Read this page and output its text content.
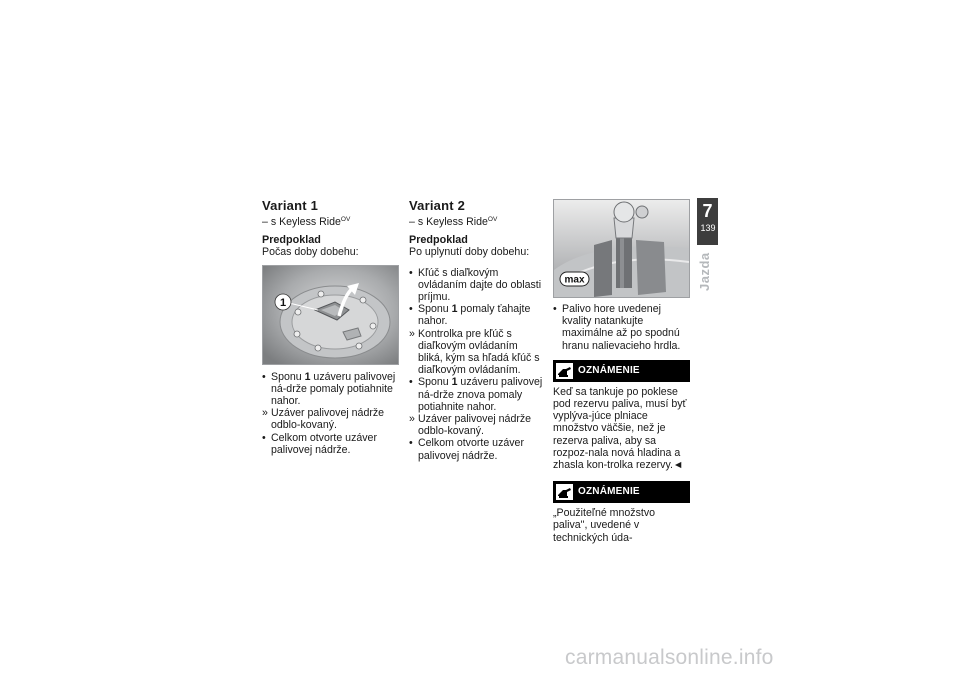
Variant 1

– s Keyless Ride$^{OV}$

Predpoklad

Počas doby dobehu:

1
• Sponu 1 uzáveru palivovej ná-drže pomaly potiahnite nahor.
» Uzáver palivovej nádrže odblo-kovaný.
• Celkom otvorte uzáver palivovej nádrže.
Variant 2

– s Keyless Ride$^{OV}$

Predpoklad

Po uplynutí doby dobehu:

• Kľúč s diaľkovým ovládaním dajte do oblasti príjmu.
• Sponu 1 pomaly ťahajte nahor.
» Kontrolka pre kľúč s diaľkovým ovládaním bliká, kým sa hľadá kľúč s diaľkovým ovládaním.
• Sponu 1 uzáveru palivovej ná-drže znova pomaly potiahnite nahor.
» Uzáver palivovej nádrže odblo-kovaný.
• Celkom otvorte uzáver palivovej nádrže.
max
• Palivo hore uvedenej kvality natankujte maximálne až po spodnú hranu nalievacieho hrdla.
OZNÁMENIE

Keď sa tankuje po poklese pod rezervu paliva, musí byť vyplýva-júce plniace množstvo väčšie, než je rezerva paliva, aby sa rozpoz-nala nová hladina a zhasla kon-trolka rezervy.◄

OZNÁMENIE

„Použiteľné množstvo paliva", uvedené v technických úda-

7
139
Jazda
carmanualsonline.info
